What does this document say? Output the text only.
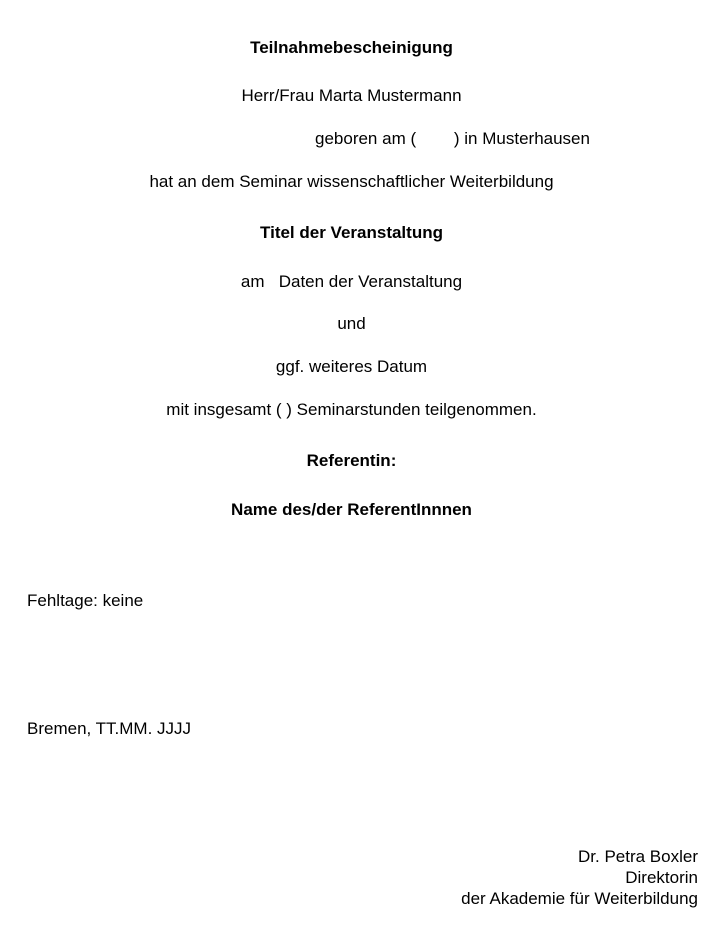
Teilnahmebescheinigung
Herr/Frau Marta Mustermann
geboren am (        ) in Musterhausen
hat an dem Seminar wissenschaftlicher Weiterbildung
Titel der Veranstaltung
am   Daten der Veranstaltung
und
ggf. weiteres Datum
mit insgesamt ( ) Seminarstunden teilgenommen.
Referentin:
Name des/der ReferentInnnen
Fehltage: keine
Bremen, TT.MM. JJJJ
Dr. Petra Boxler
Direktorin
der Akademie für Weiterbildung
